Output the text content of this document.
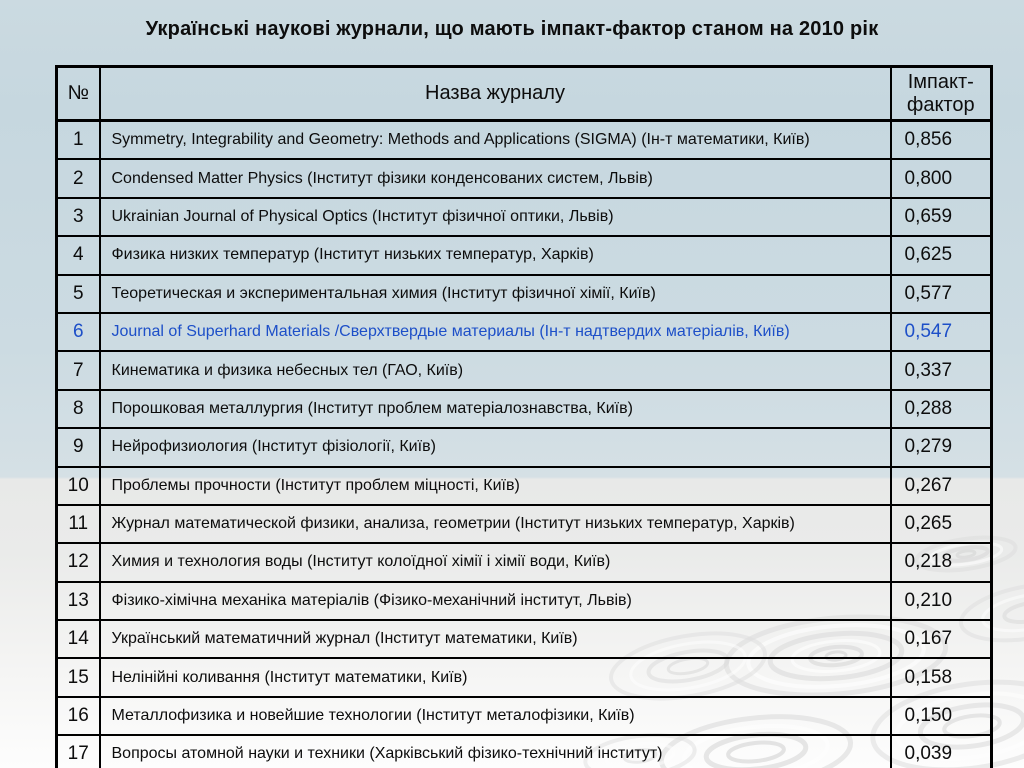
Українські наукові журнали, що мають імпакт-фактор станом на 2010 рік
№	Назва журналу	Імпакт-фактор
1	Symmetry, Integrability and Geometry: Methods and Applications (SIGMA) (Ін-т математики, Київ)	0,856
2	Condensed Matter Physics (Інститут фізики конденсованих систем, Львів)	0,800
3	Ukrainian Journal of Physical Optics (Інститут фізичної оптики, Львів)	0,659
4	Физика низких температур (Інститут низьких температур, Харків)	0,625
5	Теоретическая и экспериментальная химия (Інститут фізичної хімії, Київ)	0,577
6	Journal of Superhard Materials /Сверхтвердые материалы (Ін-т надтвердих матеріалів, Київ)	0,547
7	Кинематика и физика небесных тел (ГАО, Київ)	0,337
8	Порошковая металлургия (Інститут проблем матеріалознавства, Київ)	0,288
9	Нейрофизиология (Інститут фізіології, Київ)	0,279
10	Проблемы прочности (Інститут проблем міцності, Київ)	0,267
11	Журнал математической физики, анализа, геометрии (Інститут низьких температур, Харків)	0,265
12	Химия и технология воды (Інститут колоїдної хімії і хімії води, Київ)	0,218
13	Фізико-хімічна механіка матеріалів (Фізико-механічний інститут, Львів)	0,210
14	Український математичний журнал (Інститут математики, Київ)	0,167
15	Нелінійні коливання (Інститут математики, Київ)	0,158
16	Металлофизика и новейшие технологии (Інститут металофізики, Київ)	0,150
17	Вопросы атомной науки и техники (Харківський фізико-технічний інститут)	0,039
